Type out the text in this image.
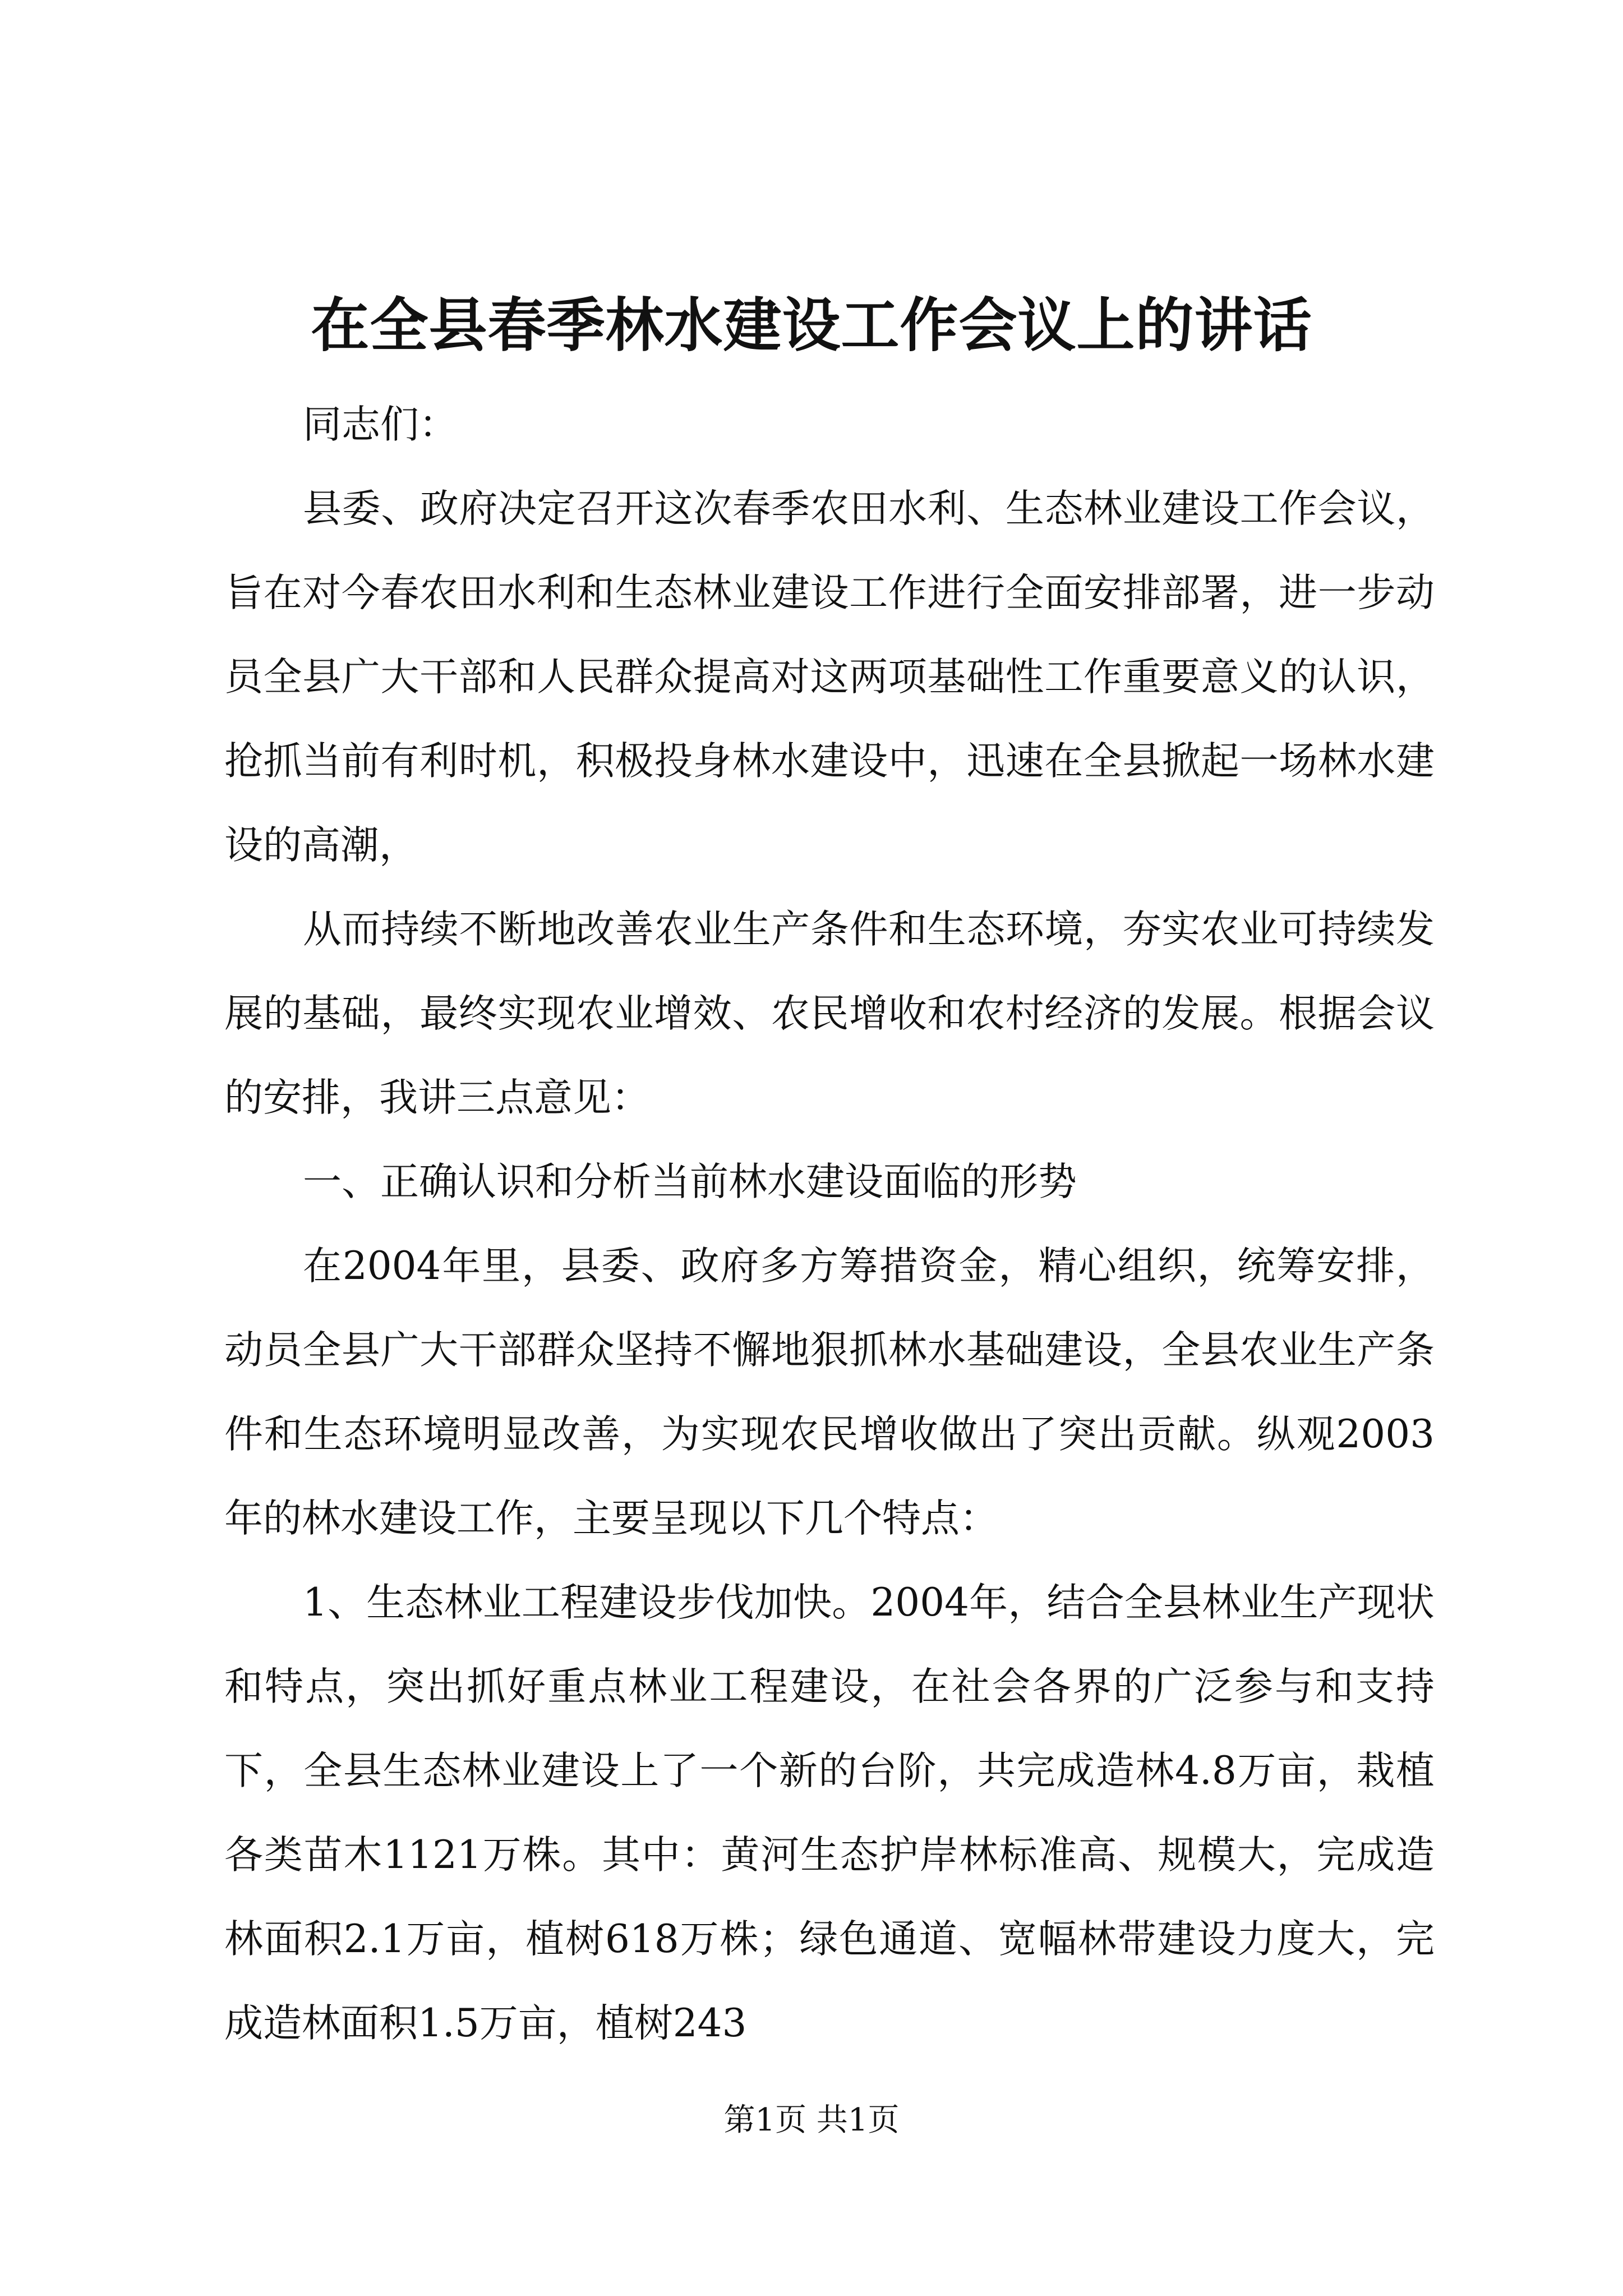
在全县春季林水建设工作会议上的讲话

同志们：

县委、政府决定召开这次春季农田水利、生态林业建设工作会议，旨在对今春农田水利和生态林业建设工作进行全面安排部署，进一步动员全县广大干部和人民群众提高对这两项基础性工作重要意义的认识，抢抓当前有利时机，积极投身林水建设中，迅速在全县掀起一场林水建设的高潮，

从而持续不断地改善农业生产条件和生态环境，夯实农业可持续发展的基础，最终实现农业增效、农民增收和农村经济的发展。根据会议的安排，我讲三点意见：

一、正确认识和分析当前林水建设面临的形势

在2004年里，县委、政府多方筹措资金，精心组织，统筹安排，动员全县广大干部群众坚持不懈地狠抓林水基础建设，全县农业生产条件和生态环境明显改善，为实现农民增收做出了突出贡献。纵观2003年的林水建设工作，主要呈现以下几个特点：

1、生态林业工程建设步伐加快。2004年，结合全县林业生产现状和特点，突出抓好重点林业工程建设，在社会各界的广泛参与和支持下，全县生态林业建设上了一个新的台阶，共完成造林4.8万亩，栽植各类苗木1121万株。其中：黄河生态护岸林标准高、规模大，完成造林面积2.1万亩，植树618万株；绿色通道、宽幅林带建设力度大，完成造林面积1.5万亩，植树243

第1页 共1页
